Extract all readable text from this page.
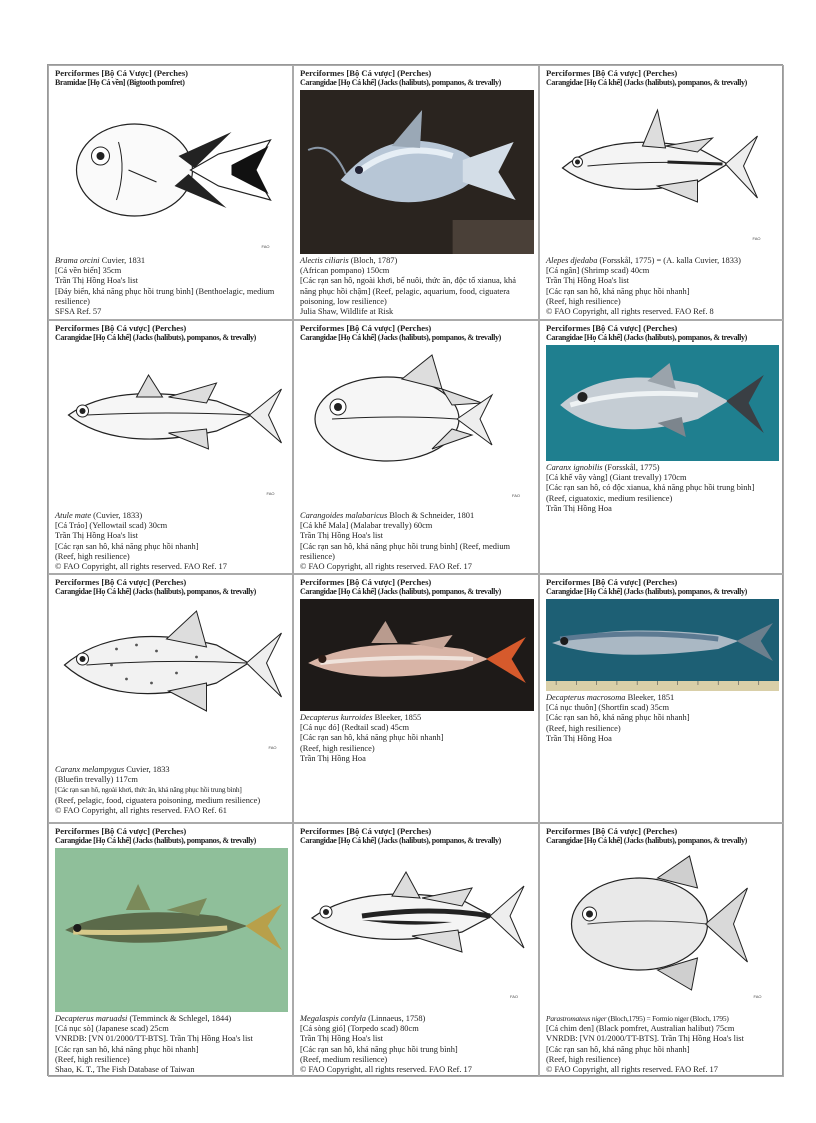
Perciformes [Bộ Cá Vược] (Perches)
Bramidae [Họ Cá vền] (Bigtooth pomfret)
FAO
Brama orcini Cuvier, 1831
[Cá vền biển] 35cm
Trần Thị Hồng Hoa's list
[Đáy biển, khả năng phục hồi trung bình] (Benthoelagic, medium resilience)
SFSA Ref. 57
Perciformes [Bộ Cá vược] (Perches)
Carangidae [Họ Cá khế] (Jacks (halibuts), pompanos, & trevally)
Alectis ciliaris (Bloch, 1787)
(African pompano) 150cm
[Các rạn san hô, ngoài khơi, bể nuôi, thức ăn, độc tố xianua, khả năng phục hồi chậm] (Reef, pelagic, aquarium, food, ciguatera poisoning, low resilience)
Julia Shaw, Wildlife at Risk
Perciformes [Bộ Cá vược] (Perches)
Carangidae [Họ Cá khế] (Jacks (halibuts), pompanos, & trevally)
FAO
Alepes djedaba (Forsskål, 1775) = (A. kalla Cuvier, 1833)
[Cá ngân] (Shrimp scad) 40cm
Trần Thị Hồng Hoa's list
[Các rạn san hô, khả năng phục hồi nhanh]
(Reef, high resilience)
© FAO Copyright, all rights reserved. FAO Ref. 8
Perciformes [Bộ Cá vược] (Perches)
Carangidae [Họ Cá khế] (Jacks (halibuts), pompanos, & trevally)
FAO
Atule mate (Cuvier, 1833)
[Cá Tráo] (Yellowtail scad) 30cm
Trần Thị Hồng Hoa's list
[Các rạn san hô, khả năng phục hồi nhanh]
(Reef, high resilience)
© FAO Copyright, all rights reserved. FAO Ref. 17
Perciformes [Bộ Cá vược] (Perches)
Carangidae [Họ Cá khế] (Jacks (halibuts), pompanos, & trevally)
FAO
Carangoides malabaricus Bloch & Schneider, 1801
[Cá khế Mala] (Malabar trevally) 60cm
Trần Thị Hồng Hoa's list
[Các rạn san hô, khả năng phục hồi trung bình] (Reef, medium resilience)
© FAO Copyright, all rights reserved. FAO Ref. 17
Perciformes [Bộ Cá vược] (Perches)
Carangidae [Họ Cá khế] (Jacks (halibuts), pompanos, & trevally)
Caranx ignobilis (Forsskål, 1775)
[Cá khế vây vàng] (Giant trevally) 170cm
[Các rạn san hô, có độc xianua, khả năng phục hồi trung bình]
(Reef, ciguatoxic, medium resilience)
Trần Thị Hồng Hoa
Perciformes [Bộ Cá vược] (Perches)
Carangidae [Họ Cá khế] (Jacks (halibuts), pompanos, & trevally)
FAO
Caranx melampygus Cuvier, 1833
(Bluefin trevally) 117cm
[Các rạn san hô, ngoài khơi, thức ăn, khả năng phục hồi trung bình]
(Reef, pelagic, food, ciguatera poisoning, medium resilience)
© FAO Copyright, all rights reserved. FAO Ref. 61
Perciformes [Bộ Cá vược] (Perches)
Carangidae [Họ Cá khế] (Jacks (halibuts), pompanos, & trevally)
Decapterus kurroides Bleeker, 1855
[Cá nục đỏ] (Redtail scad) 45cm
[Các rạn san hô, khả năng phục hồi nhanh]
(Reef, high resilience)
Trần Thị Hồng Hoa
Perciformes [Bộ Cá vược] (Perches)
Carangidae [Họ Cá khế] (Jacks (halibuts), pompanos, & trevally)
Decapterus macrosoma Bleeker, 1851
[Cá nục thuôn] (Shortfin scad) 35cm
[Các rạn san hô, khả năng phục hồi nhanh]
(Reef, high resilience)
Trần Thị Hồng Hoa
Perciformes [Bộ Cá vược] (Perches)
Carangidae [Họ Cá khế] (Jacks (halibuts), pompanos, & trevally)
Decapterus maruadsi (Temminck & Schlegel, 1844)
[Cá nục sò] (Japanese scad) 25cm
VNRDB: [VN 01/2000/TT-BTS]. Trần Thị Hồng Hoa's list
[Các rạn san hô, khả năng phục hồi nhanh]
(Reef, high resilience)
Shao, K. T., The Fish Database of Taiwan
Perciformes [Bộ Cá vược] (Perches)
Carangidae [Họ Cá khế] (Jacks (halibuts), pompanos, & trevally)
FAO
Megalaspis cordyla (Linnaeus, 1758)
[Cá sòng gió] (Torpedo scad) 80cm
Trần Thị Hồng Hoa's list
[Các rạn san hô, khả năng phục hồi trung bình]
(Reef, medium resilience)
© FAO Copyright, all rights reserved. FAO Ref. 17
Perciformes [Bộ Cá vược] (Perches)
Carangidae [Họ Cá khế] (Jacks (halibuts), pompanos, & trevally)
FAO
Parastromateus niger (Bloch,1795) = Formio niger (Bloch, 1795)
[Cá chim đen] (Black pomfret, Australian halibut) 75cm
VNRDB: [VN 01/2000/TT-BTS]. Trần Thị Hồng Hoa's list
[Các rạn san hô, khả năng phục hồi nhanh]
(Reef, high resilience)
© FAO Copyright, all rights reserved. FAO Ref. 17
